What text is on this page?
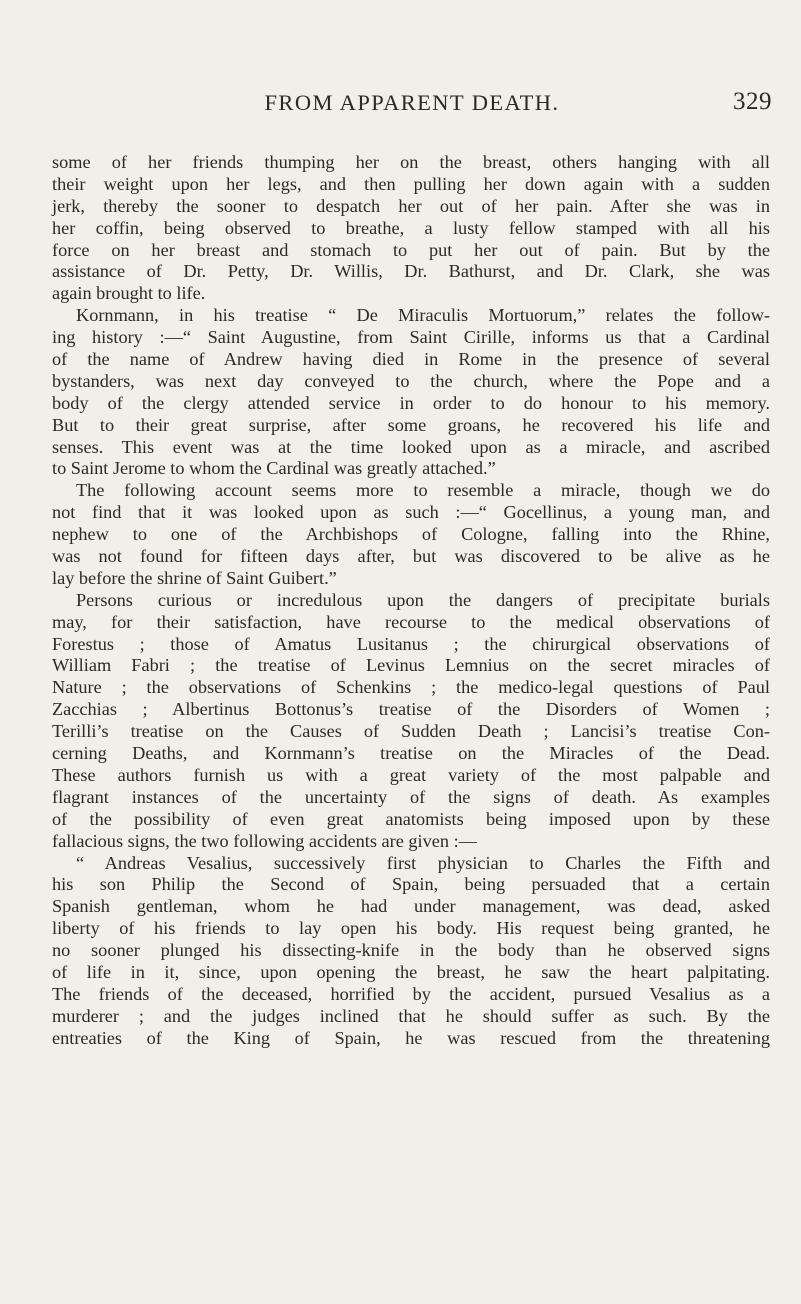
FROM APPARENT DEATH.	329
some of her friends thumping her on the breast, others hanging with all
their weight upon her legs, and then pulling her down again with a sudden
jerk, thereby the sooner to despatch her out of her pain. After she was in
her coffin, being observed to breathe, a lusty fellow stamped with all his
force on her breast and stomach to put her out of pain. But by the
assistance of Dr. Petty, Dr. Willis, Dr. Bathurst, and Dr. Clark, she was
again brought to life.
Kornmann, in his treatise “ De Miraculis Mortuorum,” relates the follow-
ing history :—“ Saint Augustine, from Saint Cirille, informs us that a Cardinal
of the name of Andrew having died in Rome in the presence of several
bystanders, was next day conveyed to the church, where the Pope and a
body of the clergy attended service in order to do honour to his memory.
But to their great surprise, after some groans, he recovered his life and
senses. This event was at the time looked upon as a miracle, and ascribed
to Saint Jerome to whom the Cardinal was greatly attached.”
The following account seems more to resemble a miracle, though we do
not find that it was looked upon as such :—“ Gocellinus, a young man, and
nephew to one of the Archbishops of Cologne, falling into the Rhine,
was not found for fifteen days after, but was discovered to be alive as he
lay before the shrine of Saint Guibert.”
Persons curious or incredulous upon the dangers of precipitate burials
may, for their satisfaction, have recourse to the medical observations of
Forestus ; those of Amatus Lusitanus ; the chirurgical observations of
William Fabri ; the treatise of Levinus Lemnius on the secret miracles of
Nature ; the observations of Schenkins ; the medico-legal questions of Paul
Zacchias ; Albertinus Bottonus’s treatise of the Disorders of Women ;
Terilli’s treatise on the Causes of Sudden Death ; Lancisi’s treatise Con-
cerning Deaths, and Kornmann’s treatise on the Miracles of the Dead.
These authors furnish us with a great variety of the most palpable and
flagrant instances of the uncertainty of the signs of death. As examples
of the possibility of even great anatomists being imposed upon by these
fallacious signs, the two following accidents are given :—
“ Andreas Vesalius, successively first physician to Charles the Fifth and
his son Philip the Second of Spain, being persuaded that a certain
Spanish gentleman, whom he had under management, was dead, asked
liberty of his friends to lay open his body. His request being granted, he
no sooner plunged his dissecting-knife in the body than he observed signs
of life in it, since, upon opening the breast, he saw the heart palpitating.
The friends of the deceased, horrified by the accident, pursued Vesalius as a
murderer ; and the judges inclined that he should suffer as such. By the
entreaties of the King of Spain, he was rescued from the threatening
